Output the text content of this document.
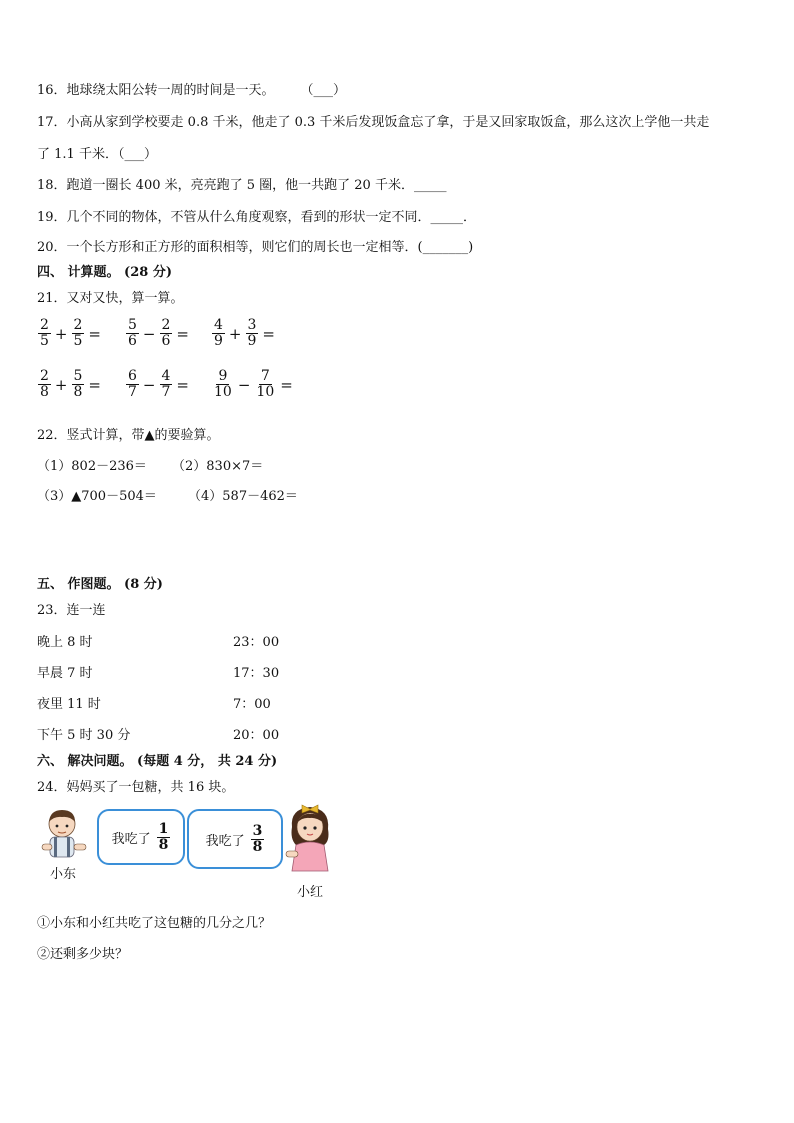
16．地球绕太阳公转一周的时间是一天。　　　（___）
17．小高从家到学校要走 0.8 千米，他走了 0.3 千米后发现饭盒忘了拿，于是又回家取饭盒，那么这次上学他一共走
了 1.1 千米．（___）
18．跑道一圈长 400 米，亮亮跑了 5 圈，他一共跑了 20 千米．_____
19．几个不同的物体，不管从什么角度观察，看到的形状一定不同．_____．
20．一个长方形和正方形的面积相等，则它们的周长也一定相等．(_______)
四、 计算题。 (28 分)
21．又对又快，算一算。
$\frac{2}{5} + \frac{2}{5} = \frac{5}{6} - \frac{2}{6} = \frac{4}{9} + \frac{3}{9}$ =
$\frac{2}{8} + \frac{5}{8} = \frac{6}{7} - \frac{4}{7} = \frac{9}{10} - \frac{7}{10}$ =
22．竖式计算，带▲的要验算。
（1）802－236＝ （2）830×7＝
（3）▲700－504＝ （4）587－462＝
五、 作图题。 (8 分)
23．连一连
晚上 8 时	23：00
早晨 7 时	17：30
夜里 11 时	7：00
下午 5 时 30 分	20：00
六、 解决问题。 (每题 4 分， 共 24 分)
24．妈妈买了一包糖，共 16 块。
小东
我吃了 $\frac{1}{8}$	我吃了 $\frac{3}{8}$
小红
①小东和小红共吃了这包糖的几分之几？
②还剩多少块？
